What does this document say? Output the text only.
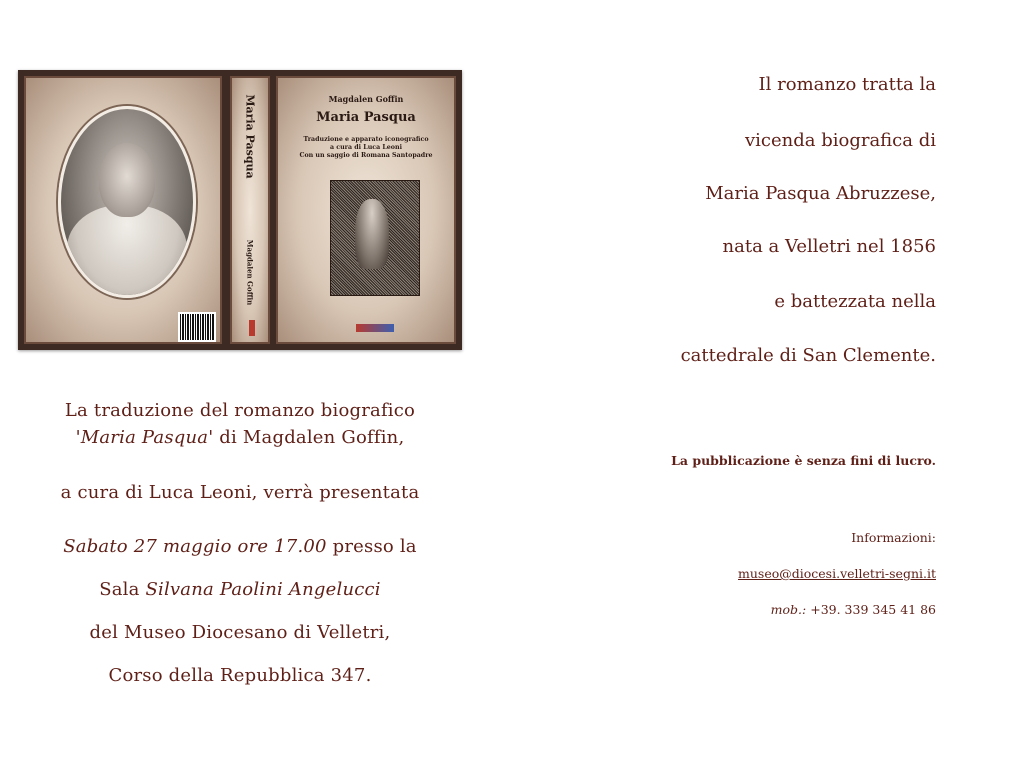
Maria Pasqua
Magdalen Goffin
Magdalen Goffin
Maria Pasqua
Traduzione e apparato iconografico
a cura di Luca Leoni
Con un saggio di Romana Santopadre
La traduzione del romanzo biografico
'Maria Pasqua' di Magdalen Goffin,
a cura di Luca Leoni, verrà presentata
Sabato 27 maggio ore 17.00 presso la
Sala Silvana Paolini Angelucci
del Museo Diocesano di Velletri,
Corso della Repubblica 347.
Il romanzo tratta la
vicenda biografica di
Maria Pasqua Abruzzese,
nata a Velletri nel 1856
e battezzata nella
cattedrale di San Clemente.
La pubblicazione è senza fini di lucro.
Informazioni:
museo@diocesi.velletri-segni.it
mob.: +39. 339 345 41 86
